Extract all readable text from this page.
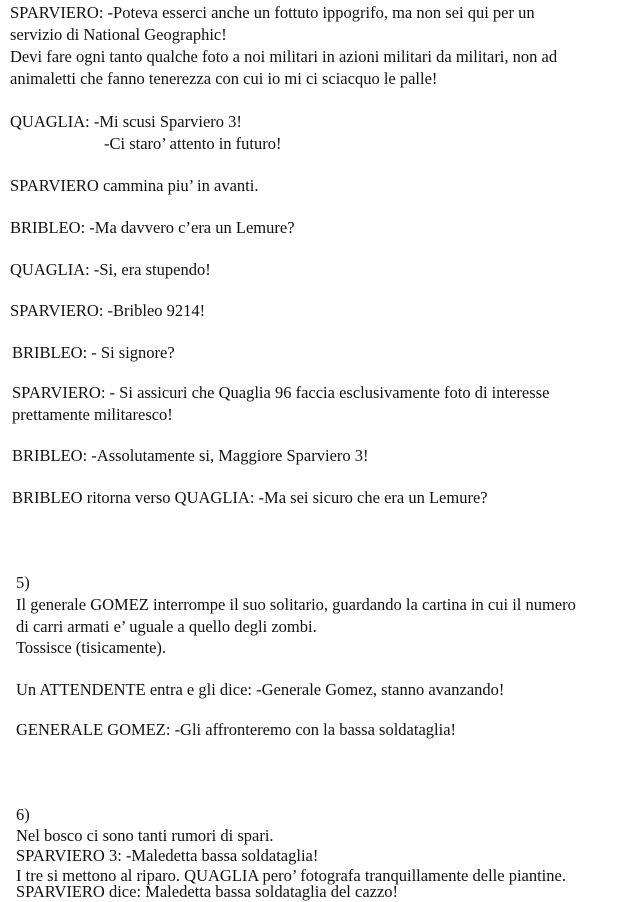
SPARVIERO: -Poteva esserci anche un fottuto ippogrifo, ma non sei qui per un
servizio di National Geographic!
Devi fare ogni tanto qualche foto a noi militari in azioni militari da militari, non ad
animaletti che fanno tenerezza con cui io mi ci sciacquo le palle!
QUAGLIA: -Mi scusi Sparviero 3!
-Ci staro’ attento in futuro!
SPARVIERO cammina piu’ in avanti.
BRIBLEO: -Ma davvero c’era un Lemure?
QUAGLIA: -Si, era stupendo!
SPARVIERO: -Bribleo 9214!
BRIBLEO: - Si signore?
SPARVIERO: - Si assicuri che Quaglia 96 faccia esclusivamente foto di interesse
prettamente militaresco!
BRIBLEO: -Assolutamente si, Maggiore Sparviero 3!
BRIBLEO ritorna verso QUAGLIA: -Ma sei sicuro che era un Lemure?
5)
Il generale GOMEZ interrompe il suo solitario, guardando la cartina in cui il numero
di carri armati e’ uguale a quello degli zombi.
Tossisce (tisicamente).
Un ATTENDENTE entra e gli dice: -Generale Gomez, stanno avanzando!
GENERALE GOMEZ: -Gli affronteremo con la bassa soldataglia!
6)
Nel bosco ci sono tanti rumori di spari.
SPARVIERO 3: -Maledetta bassa soldataglia!
I tre si mettono al riparo. QUAGLIA pero’ fotografa tranquillamente delle piantine.
SPARVIERO dice: Maledetta bassa soldataglia del cazzo!
